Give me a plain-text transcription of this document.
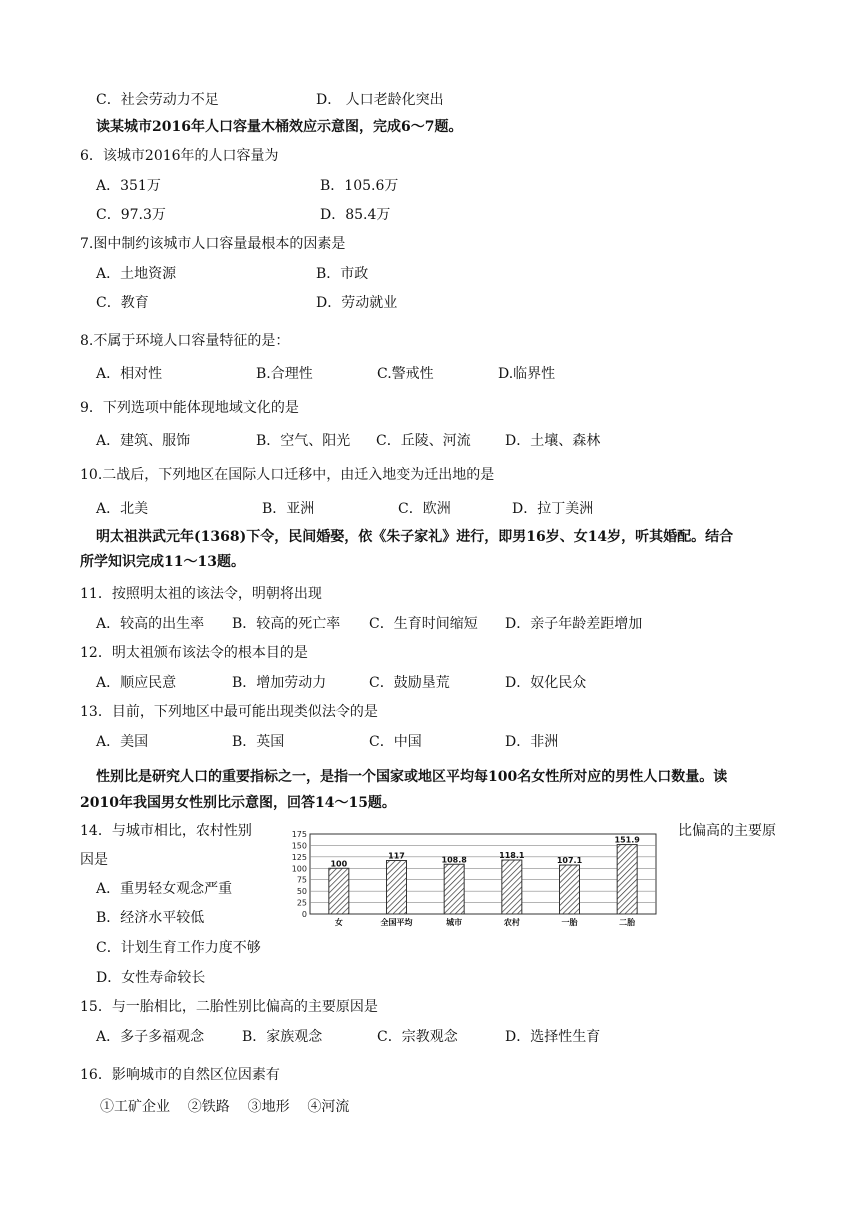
C．社会劳动力不足	D． 人口老龄化突出
读某城市2016年人口容量木桶效应示意图，完成6～7题。
6．该城市2016年的人口容量为
A．351万	B．105.6万
C．97.3万	D．85.4万
7.图中制约该城市人口容量最根本的因素是
A．土地资源	B．市政
C．教育	D．劳动就业
8.不属于环境人口容量特征的是：
A．相对性	B.合理性	C.警戒性	D.临界性
9．下列选项中能体现地域文化的是
A．建筑、服饰	B．空气、阳光 C．丘陵、河流 D．土壤、森林
10.二战后，下列地区在国际人口迁移中，由迁入地变为迁出地的是
A．北美	B．亚洲	C．欧洲	D．拉丁美洲
明太祖洪武元年(1368)下令，民间婚娶，依《朱子家礼》进行，即男16岁、女14岁，听其婚配。结合
所学知识完成11～13题。
11．按照明太祖的该法令，明朝将出现
A．较高的出生率 B．较高的死亡率 C．生育时间缩短 D．亲子年龄差距增加
12．明太祖颁布该法令的根本目的是
A．顺应民意	B．增加劳动力	C．鼓励垦荒	D．奴化民众
13．目前，下列地区中最可能出现类似法令的是
A．美国	B．英国	C．中国	D．非洲
性别比是研究人口的重要指标之一，是指一个国家或地区平均每100名女性所对应的男性人口数量。读
2010年我国男女性别比示意图，回答14～15题。
14．与城市相比，农村性别	比偏高的主要原
因是
A．重男轻女观念严重
B．经济水平较低
C．计划生育工作力度不够
D．女性寿命较长
0
25
50
75
100
125
150
175
100
女
117
全国平均
108.8
城市
118.1
农村
107.1
一胎
151.9
二胎
15．与一胎相比，二胎性别比偏高的主要原因是
A．多子多福观念	B．家族观念	C．宗教观念	D．选择性生育
16．影响城市的自然区位因素有
①工矿企业    ②铁路    ③地形    ④河流
